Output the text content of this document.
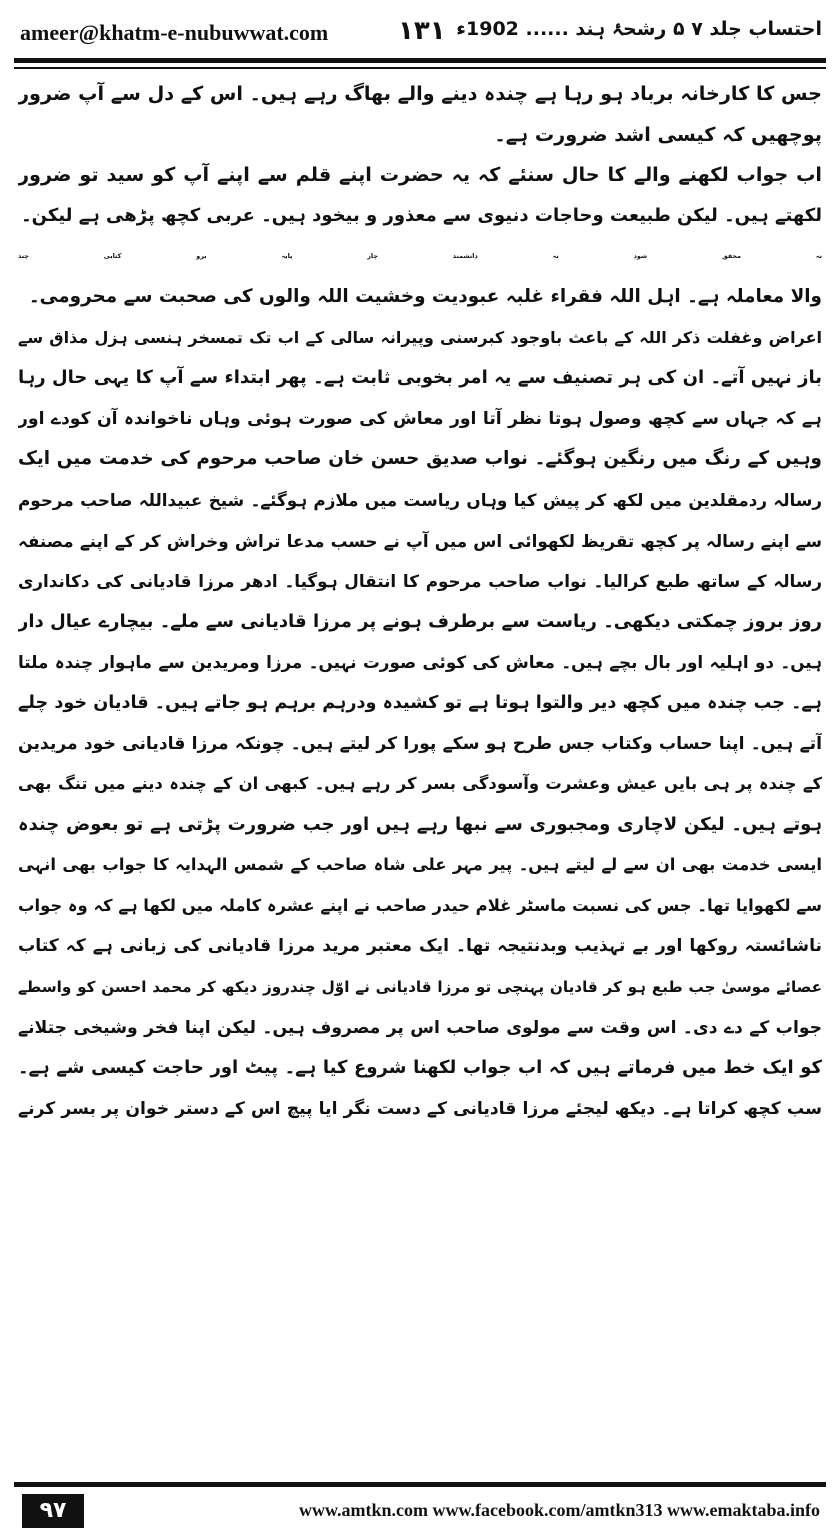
ameer@khatm-e-nubuwwat.com	۱۳۱ احتساب جلد ۷ ۵ رشحۂ ہند ...... 1902ء
جس کا کارخانہ برباد ہو رہا ہے چندہ دینے والے بھاگ رہے ہیں۔ اس کے دل سے آپ ضرور
پوچھیں کہ کیسی اشد ضرورت ہے۔
اب جواب لکھنے والے کا حال سنئے کہ یہ حضرت اپنے قلم سے اپنے آپ کو سید تو ضرور
لکھتے ہیں۔ لیکن طبیعت وحاجات دنیوی سے معذور و بیخود ہیں۔ عربی کچھ پڑھی ہے لیکن۔
نہ محقق شود نہ دانشمند چار پایہ برو کتابی چند
والا معاملہ ہے۔ اہل اللہ فقراء غلبہ عبودیت وخشیت اللہ والوں کی صحبت سے محرومی۔
اعراض وغفلت ذکر اللہ کے باعث باوجود کبرسنی وپیرانہ سالی کے اب تک تمسخر ہنسی ہزل مذاق سے
باز نہیں آتے۔ ان کی ہر تصنیف سے یہ امر بخوبی ثابت ہے۔ پھر ابتداء سے آپ کا یہی حال رہا
ہے کہ جہاں سے کچھ وصول ہوتا نظر آتا اور معاش کی صورت ہوئی وہاں ناخواندہ آن کودے اور
وہیں کے رنگ میں رنگین ہوگئے۔ نواب صدیق حسن خان صاحب مرحوم کی خدمت میں ایک
رسالہ ردمقلدین میں لکھ کر پیش کیا وہاں ریاست میں ملازم ہوگئے۔ شیخ عبیداللہ صاحب مرحوم
سے اپنے رسالہ پر کچھ تقریظ لکھوائی اس میں آپ نے حسب مدعا تراش وخراش کر کے اپنے مصنفہ
رسالہ کے ساتھ طبع کرالیا۔ نواب صاحب مرحوم کا انتقال ہوگیا۔ ادھر مرزا قادیانی کی دکانداری
روز بروز چمکتی دیکھی۔ ریاست سے برطرف ہونے پر مرزا قادیانی سے ملے۔ بیچارے عیال دار
ہیں۔ دو اہلیہ اور بال بچے ہیں۔ معاش کی کوئی صورت نہیں۔ مرزا ومریدین سے ماہوار چندہ ملتا
ہے۔ جب چندہ میں کچھ دیر والتوا ہوتا ہے تو کشیدہ ودرہم برہم ہو جاتے ہیں۔ قادیان خود چلے
آتے ہیں۔ اپنا حساب وکتاب جس طرح ہو سکے پورا کر لیتے ہیں۔ چونکہ مرزا قادیانی خود مریدین
کے چندہ پر ہی بایں عیش وعشرت وآسودگی بسر کر رہے ہیں۔ کبھی ان کے چندہ دینے میں تنگ بھی
ہوتے ہیں۔ لیکن لاچاری ومجبوری سے نبھا رہے ہیں اور جب ضرورت پڑتی ہے تو بعوض چندہ
ایسی خدمت بھی ان سے لے لیتے ہیں۔ پیر مہر علی شاہ صاحب کے شمس الہدایہ کا جواب بھی انہی
سے لکھوایا تھا۔ جس کی نسبت ماسٹر غلام حیدر صاحب نے اپنے عشرہ کاملہ میں لکھا ہے کہ وہ جواب
ناشائستہ روکھا اور بے تہذیب وبدنتیجہ تھا۔ ایک معتبر مرید مرزا قادیانی کی زبانی ہے کہ کتاب
عصائے موسیٰ جب طبع ہو کر قادیان پہنچی تو مرزا قادیانی نے اوّل چندروز دیکھ کر محمد احسن کو واسطے
جواب کے دے دی۔ اس وقت سے مولوی صاحب اس پر مصروف ہیں۔ لیکن اپنا فخر وشیخی جتلانے
کو ایک خط میں فرماتے ہیں کہ اب جواب لکھنا شروع کیا ہے۔ پیٹ اور حاجت کیسی شے ہے۔
سب کچھ کراتا ہے۔ دیکھ لیجئے مرزا قادیانی کے دست نگر ایا پیچ اس کے دستر خوان پر بسر کرنے
۹۷	www.amtkn.com www.facebook.com/amtkn313 www.emaktaba.info
